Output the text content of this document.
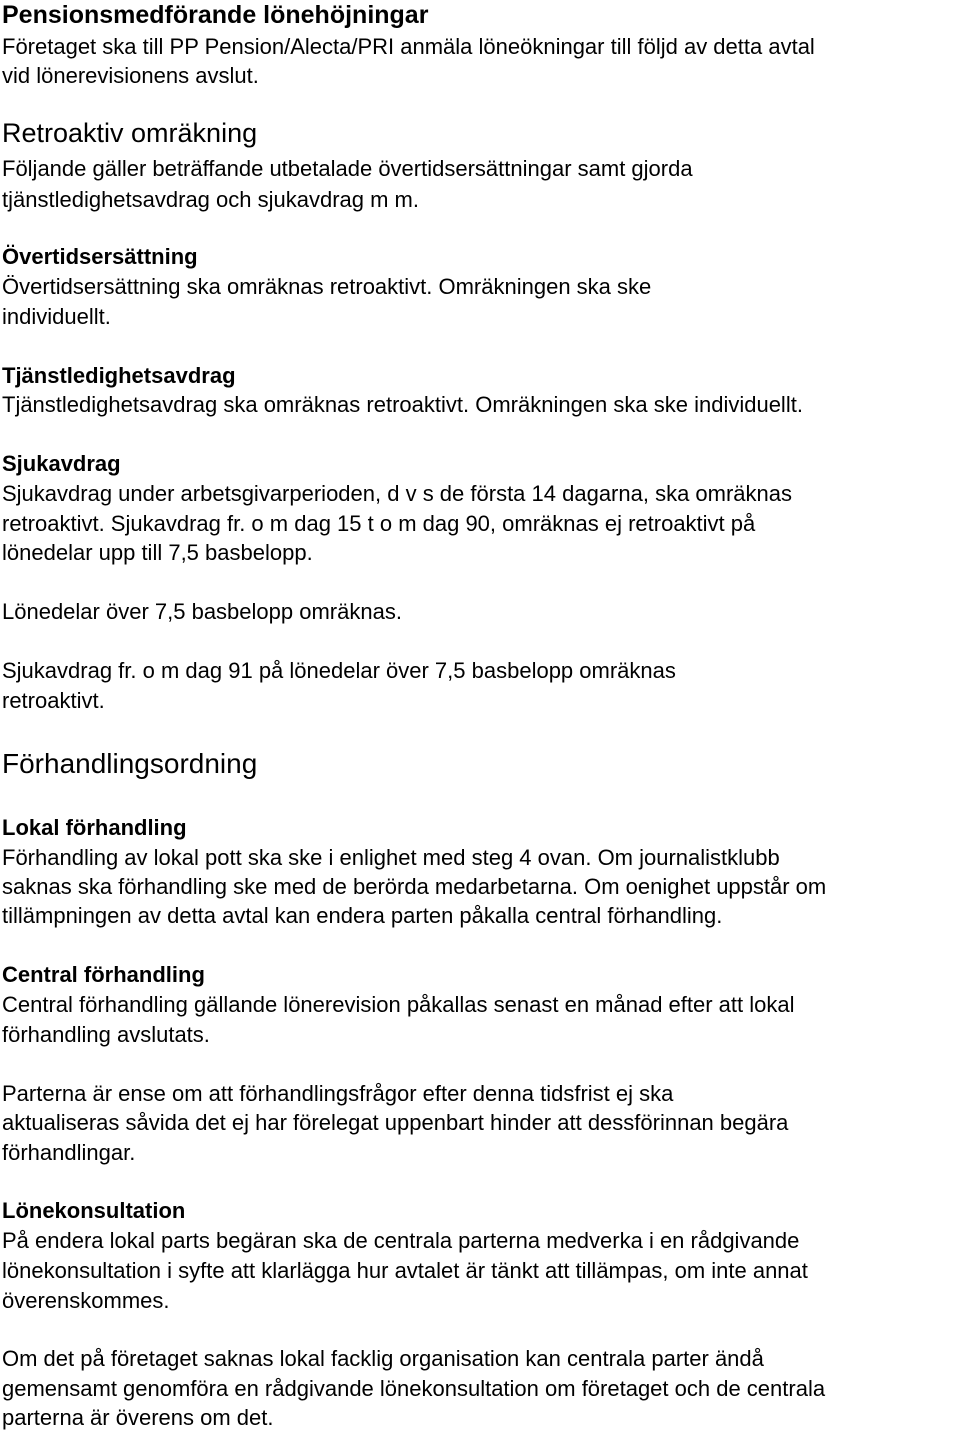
Pensionsmedförande lönehöjningar
Företaget ska till PP Pension/Alecta/PRI anmäla löneökningar till följd av detta avtal
vid lönerevisionens avslut.
Retroaktiv omräkning
Följande gäller beträffande utbetalade övertidsersättningar samt gjorda
tjänstledighetsavdrag och sjukavdrag m m.
Övertidsersättning
Övertidsersättning ska omräknas retroaktivt. Omräkningen ska ske
individuellt.
Tjänstledighetsavdrag
Tjänstledighetsavdrag ska omräknas retroaktivt. Omräkningen ska ske individuellt.
Sjukavdrag
Sjukavdrag under arbetsgivarperioden, d v s de första 14 dagarna, ska omräknas
retroaktivt. Sjukavdrag fr. o m dag 15 t o m dag 90, omräknas ej retroaktivt på
lönedelar upp till 7,5 basbelopp.
Lönedelar över 7,5 basbelopp omräknas.
Sjukavdrag fr. o m dag 91 på lönedelar över 7,5 basbelopp omräknas
retroaktivt.
Förhandlingsordning
Lokal förhandling
Förhandling av lokal pott ska ske i enlighet med steg 4 ovan. Om journalistklubb
saknas ska förhandling ske med de berörda medarbetarna. Om oenighet uppstår om
tillämpningen av detta avtal kan endera parten påkalla central förhandling.
Central förhandling
Central förhandling gällande lönerevision påkallas senast en månad efter att lokal
förhandling avslutats.
Parterna är ense om att förhandlingsfrågor efter denna tidsfrist ej ska
aktualiseras såvida det ej har förelegat uppenbart hinder att dessförinnan begära
förhandlingar.
Lönekonsultation
På endera lokal parts begäran ska de centrala parterna medverka i en rådgivande
lönekonsultation i syfte att klarlägga hur avtalet är tänkt att tillämpas, om inte annat
överenskommes.
Om det på företaget saknas lokal facklig organisation kan centrala parter ändå
gemensamt genomföra en rådgivande lönekonsultation om företaget och de centrala
parterna är överens om det.
